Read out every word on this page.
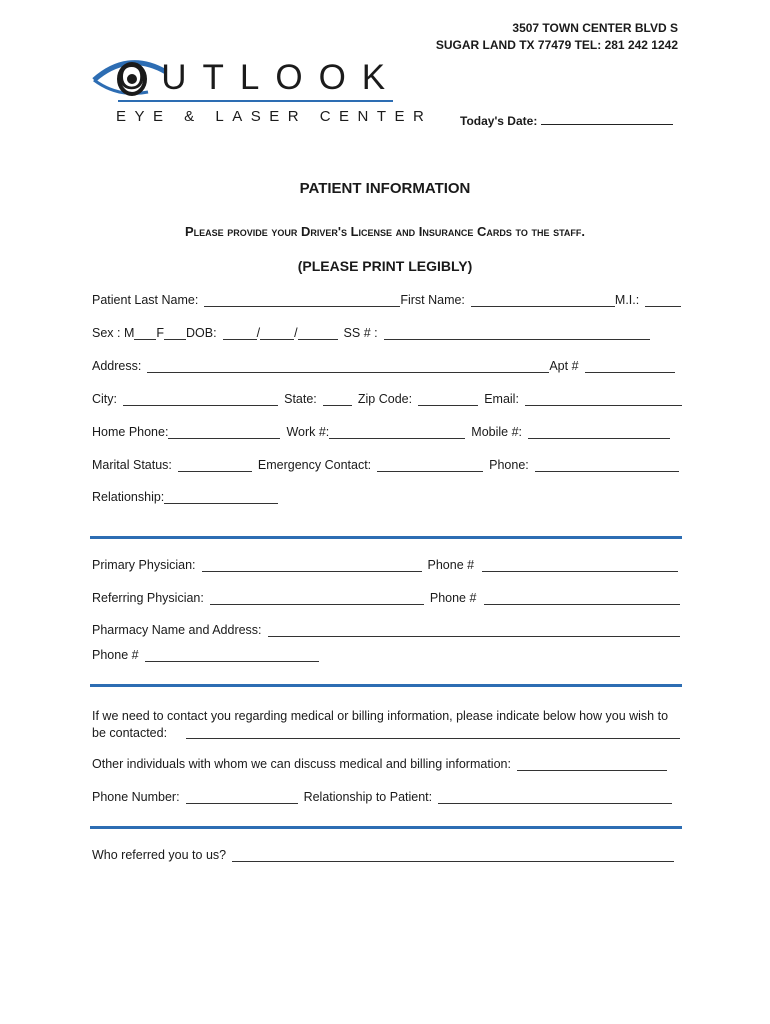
3507 TOWN CENTER BLVD S
SUGAR LAND TX 77479 TEL: 281 242 1242
OUTLOOK
EYE & LASER CENTER Today's Date:
PATIENT INFORMATION
Please provide your Driver's License and Insurance Cards to the staff.
(PLEASE PRINT LEGIBLY)
Patient Last Name:	First Name:	M.I.:
Sex : M F DOB:	/	/	SS # :
Address:	Apt #
City:	State:	Zip Code:	Email:
Home Phone:	Work #:	Mobile #:
Marital Status:	Emergency Contact:	Phone:
Relationship:
Primary Physician:	Phone #
Referring Physician:	Phone #
Pharmacy Name and Address:
Phone #
If we need to contact you regarding medical or billing information, please indicate below how you wish to be contacted:
Other individuals with whom we can discuss medical and billing information:
Phone Number:	Relationship to Patient:
Who referred you to us?
